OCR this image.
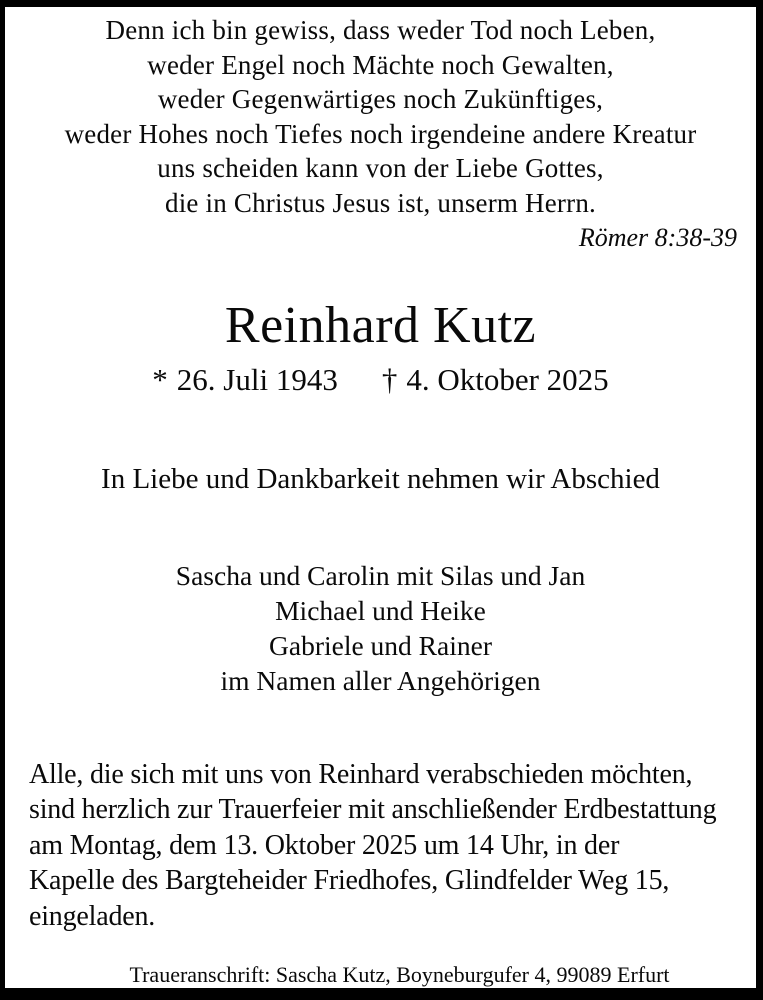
Denn ich bin gewiss, dass weder Tod noch Leben,
weder Engel noch Mächte noch Gewalten,
weder Gegenwärtiges noch Zukünftiges,
weder Hohes noch Tiefes noch irgendeine andere Kreatur
uns scheiden kann von der Liebe Gottes,
die in Christus Jesus ist, unserm Herrn.
Römer 8:38-39
Reinhard Kutz
* 26. Juli 1943 † 4. Oktober 2025
In Liebe und Dankbarkeit nehmen wir Abschied
Sascha und Carolin mit Silas und Jan
Michael und Heike
Gabriele und Rainer
im Namen aller Angehörigen
Alle, die sich mit uns von Reinhard verabschieden möchten,
sind herzlich zur Trauerfeier mit anschließender Erdbestattung
am Montag, dem 13. Oktober 2025 um 14 Uhr, in der
Kapelle des Bargteheider Friedhofes, Glindfelder Weg 15,
eingeladen.
Traueranschrift: Sascha Kutz, Boyneburgufer 4, 99089 Erfurt
